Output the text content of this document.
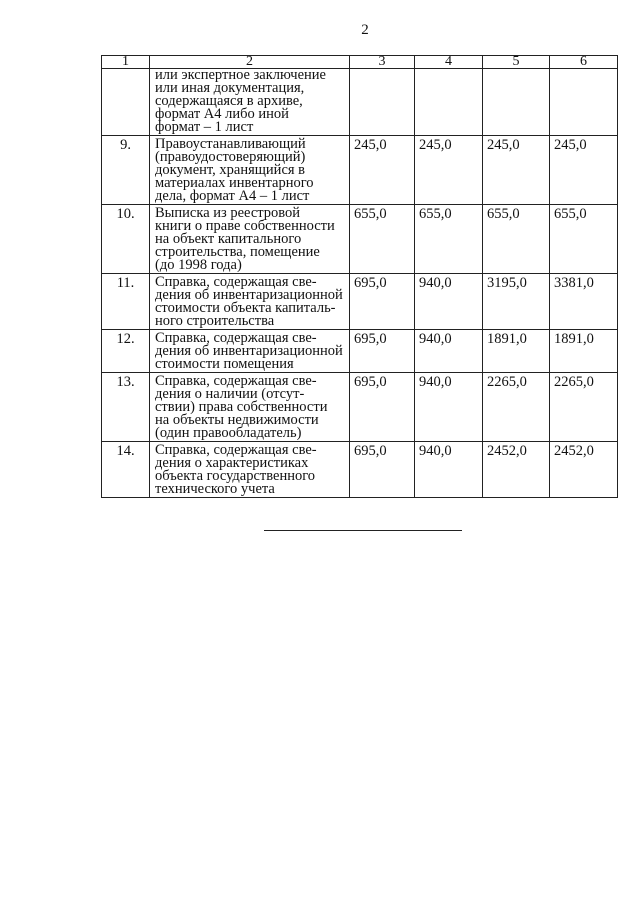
2
1	2	3	4	5	6

	или экспертное заключение
или иная документация,
содержащаяся в архиве,
формат А4 либо иной
формат – 1 лист				

9.	Правоустанавливающий
(правоудостоверяющий)
документ, хранящийся в
материалах инвентарного
дела, формат А4 – 1 лист	245,0	245,0	245,0	245,0
10.	Выписка из реестровой
книги о праве собственности
на объект капитального
строительства, помещение
(до 1998 года)	655,0	655,0	655,0	655,0
11.	Справка, содержащая све-
дения об инвентаризационной
стоимости объекта капиталь-
ного строительства	695,0	940,0	3195,0	3381,0
12.	Справка, содержащая све-
дения об инвентаризационной
стоимости помещения	695,0	940,0	1891,0	1891,0
13.	Справка, содержащая све-
дения о наличии (отсут-
ствии) права собственности
на объекты недвижимости
(один правообладатель)	695,0	940,0	2265,0	2265,0
14.	Справка, содержащая све-
дения о характеристиках
объекта государственного
технического учета	695,0	940,0	2452,0	2452,0
